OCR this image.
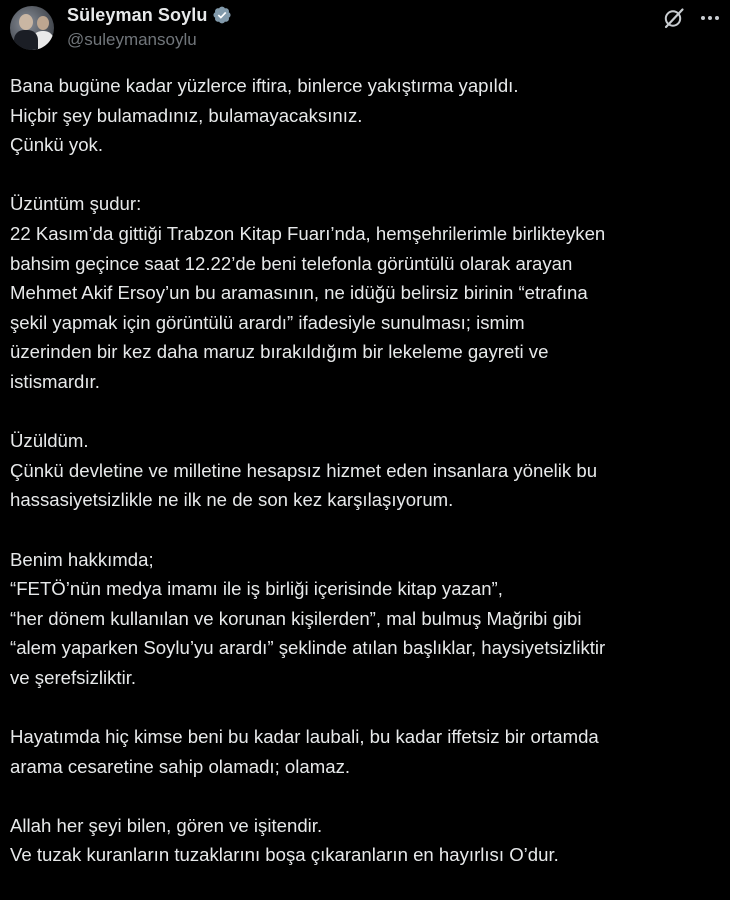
Süleyman Soylu
@suleymansoylu
Bana bugüne kadar yüzlerce iftira, binlerce yakıştırma yapıldı.
Hiçbir şey bulamadınız, bulamayacaksınız.
Çünkü yok.
Üzüntüm şudur:
22 Kasım’da gittiği Trabzon Kitap Fuarı’nda, hemşehrilerimle birlikteyken
bahsim geçince saat 12.22’de beni telefonla görüntülü olarak arayan
Mehmet Akif Ersoy’un bu aramasının, ne idüğü belirsiz birinin “etrafına
şekil yapmak için görüntülü arardı” ifadesiyle sunulması; ismim
üzerinden bir kez daha maruz bırakıldığım bir lekeleme gayreti ve
istismardır.
Üzüldüm.
Çünkü devletine ve milletine hesapsız hizmet eden insanlara yönelik bu
hassasiyetsizlikle ne ilk ne de son kez karşılaşıyorum.
Benim hakkımda;
“FETÖ’nün medya imamı ile iş birliği içerisinde kitap yazan”,
“her dönem kullanılan ve korunan kişilerden”, mal bulmuş Mağribi gibi
“alem yaparken Soylu’yu arardı” şeklinde atılan başlıklar, haysiyetsizliktir
ve şerefsizliktir.
Hayatımda hiç kimse beni bu kadar laubali, bu kadar iffetsiz bir ortamda
arama cesaretine sahip olamadı; olamaz.
Allah her şeyi bilen, gören ve işitendir.
Ve tuzak kuranların tuzaklarını boşa çıkaranların en hayırlısı O’dur.
